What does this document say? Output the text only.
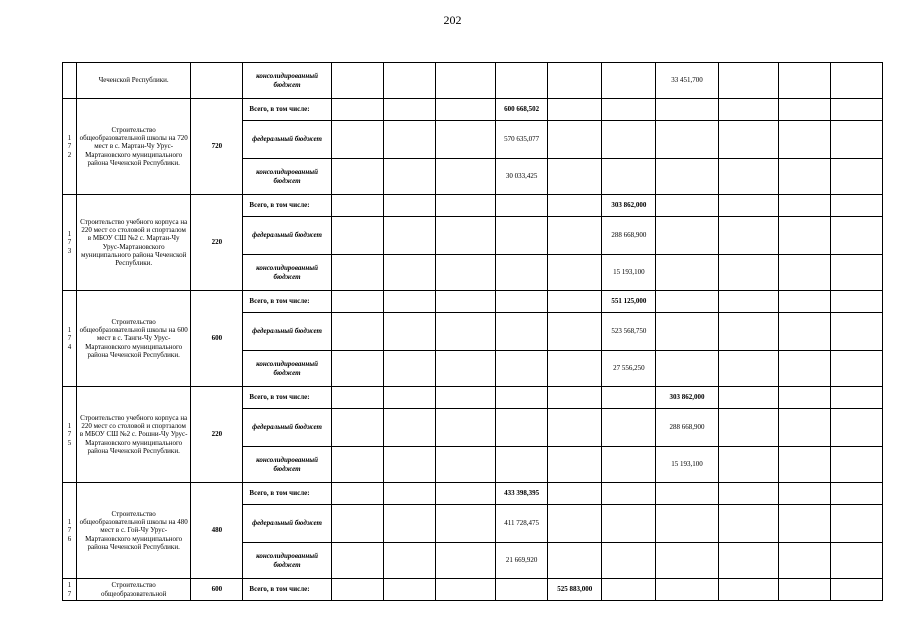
202
	Чеченской Республики.		консолидированный бюджет							33 451,700			

1
7
2	Строительство общеобразовательной школы на 720 мест в с. Мартан-Чу Урус-Мартановского муниципального района Чеченской Республики.	720	Всего, в том числе:				600 668,502						
			федеральный бюджет				570 635,077						
			консолидированный бюджет				30 033,425						

1
7
3	Строительство учебного корпуса на 220 мест со столовой и спортзалом в МБОУ СШ №2 с. Мартан-Чу Урус-Мартановского муниципального района Чеченской Республики.	220	Всего, в том числе:						303 862,000				
			федеральный бюджет						288 668,900				
			консолидированный бюджет						15 193,100				

1
7
4	Строительство общеобразовательной школы на 600 мест в с. Танги-Чу Урус-Мартановского муниципального района Чеченской Республики.	600	Всего, в том числе:						551 125,000				
			федеральный бюджет						523 568,750				
			консолидированный бюджет						27 556,250				

1
7
5	Строительство учебного корпуса на 220 мест со столовой и спортзалом в МБОУ СШ №2 с. Рошни-Чу Урус-Мартановского муниципального района Чеченской Республики.	220	Всего, в том числе:							303 862,000			
			федеральный бюджет							288 668,900			
			консолидированный бюджет							15 193,100			

1
7
6	Строительство общеобразовательной школы на 480 мест в с. Гой-Чу Урус-Мартановского муниципального района Чеченской Республики.	480	Всего, в том числе:				433 398,395						
			федеральный бюджет				411 728,475						
			консолидированный бюджет				21 669,920						

1
7	Строительство общеобразовательной	600	Всего, в том числе:					525 883,000					
